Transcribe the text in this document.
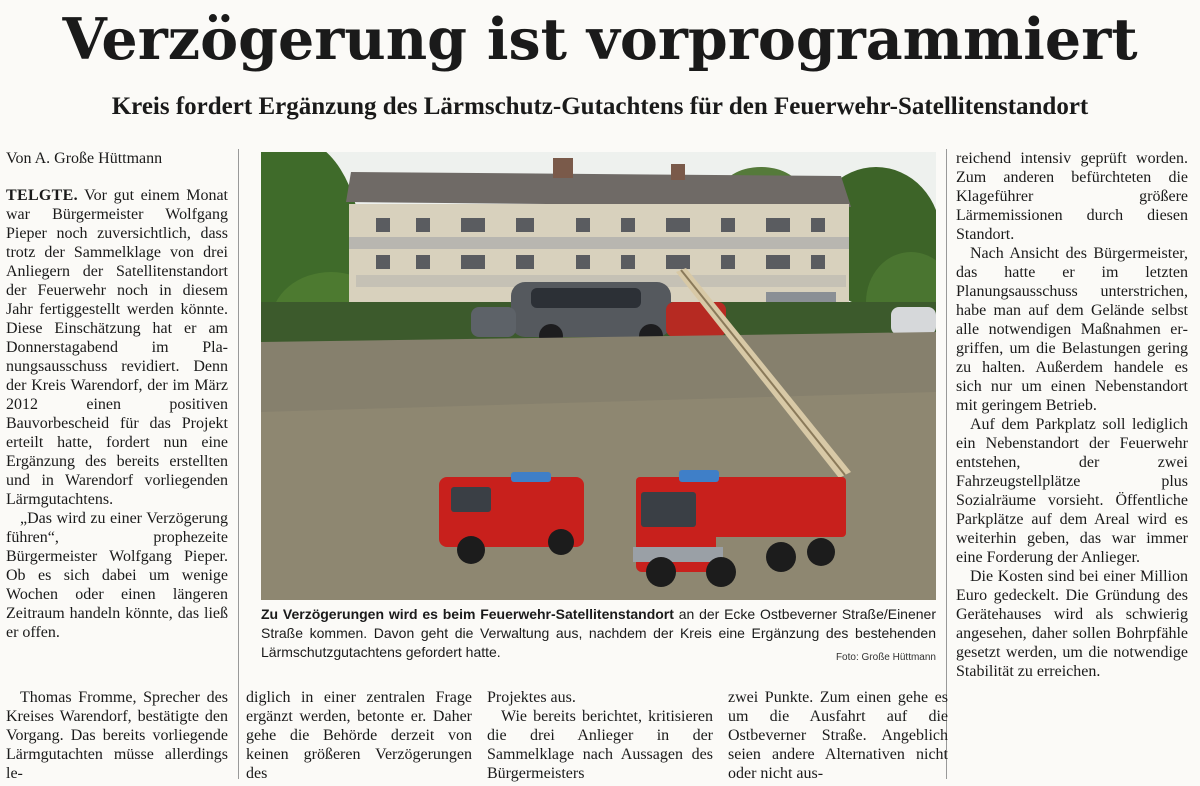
Verzögerung ist vorprogrammiert
Kreis fordert Ergänzung des Lärmschutz-Gutachtens für den Feuerwehr-Satellitenstandort
Von A. Große Hüttmann

TELGTE. Vor gut einem Monat war Bürgermeister Wolfgang Pieper noch zuversichtlich, dass trotz der Sammelklage von drei Anliegern der Satellitenstandort der Feuerwehr noch in diesem Jahr fertiggestellt werden könnte. Diese Einschätzung hat er am Donnerstagabend im Planungsausschuss revidiert. Denn der Kreis Warendorf, der im März 2012 einen positiven Bauvorbescheid für das Projekt erteilt hatte, fordert nun eine Ergänzung des bereits erstellten und in Warendorf vorliegenden Lärmgutachtens.

„Das wird zu einer Verzögerung führen“, prophezeite Bürgermeister Wolfgang Pieper. Ob es sich dabei um wenige Wochen oder einen längeren Zeitraum handeln könnte, das ließ er offen.

Zu Verzögerungen wird es beim Feuerwehr-Satellitenstandort an der Ecke Ostbeverner Straße/Einener Straße kommen. Davon geht die Verwaltung aus, nachdem der Kreis eine Ergänzung des bestehenden Lärmschutzgutachtens gefordert hatte.	Foto: Große Hüttmann

Thomas Fromme, Sprecher des Kreises Warendorf, bestätigte den Vorgang. Das bereits vorliegende Lärmgutachten müsse allerdings le-

diglich in einer zentralen Frage ergänzt werden, betonte er. Daher gehe die Behörde derzeit von keinen größeren Verzögerungen des

Projektes aus.

Wie bereits berichtet, kritisieren die drei Anlieger in der Sammelklage nach Aussagen des Bürgermeisters

zwei Punkte. Zum einen gehe es um die Ausfahrt auf die Ostbeverner Straße. Angeblich seien andere Alternativen nicht oder nicht aus-

reichend intensiv geprüft worden. Zum anderen befürchteten die Klageführer größere Lärmemissionen durch diesen Standort.

Nach Ansicht des Bürgermeister, das hatte er im letzten Planungsausschuss unterstrichen, habe man auf dem Gelände selbst alle notwendigen Maßnahmen ergriffen, um die Belastungen gering zu halten. Außerdem handele es sich nur um einen Nebenstandort mit geringem Betrieb.

Auf dem Parkplatz soll lediglich ein Nebenstandort der Feuerwehr entstehen, der zwei Fahrzeugstellplätze plus Sozialräume vorsieht. Öffentliche Parkplätze auf dem Areal wird es weiterhin geben, das war immer eine Forderung der Anlieger.

Die Kosten sind bei einer Million Euro gedeckelt. Die Gründung des Gerätehauses wird als schwierig angesehen, daher sollen Bohrpfähle gesetzt werden, um die notwendige Stabilität zu erreichen.
